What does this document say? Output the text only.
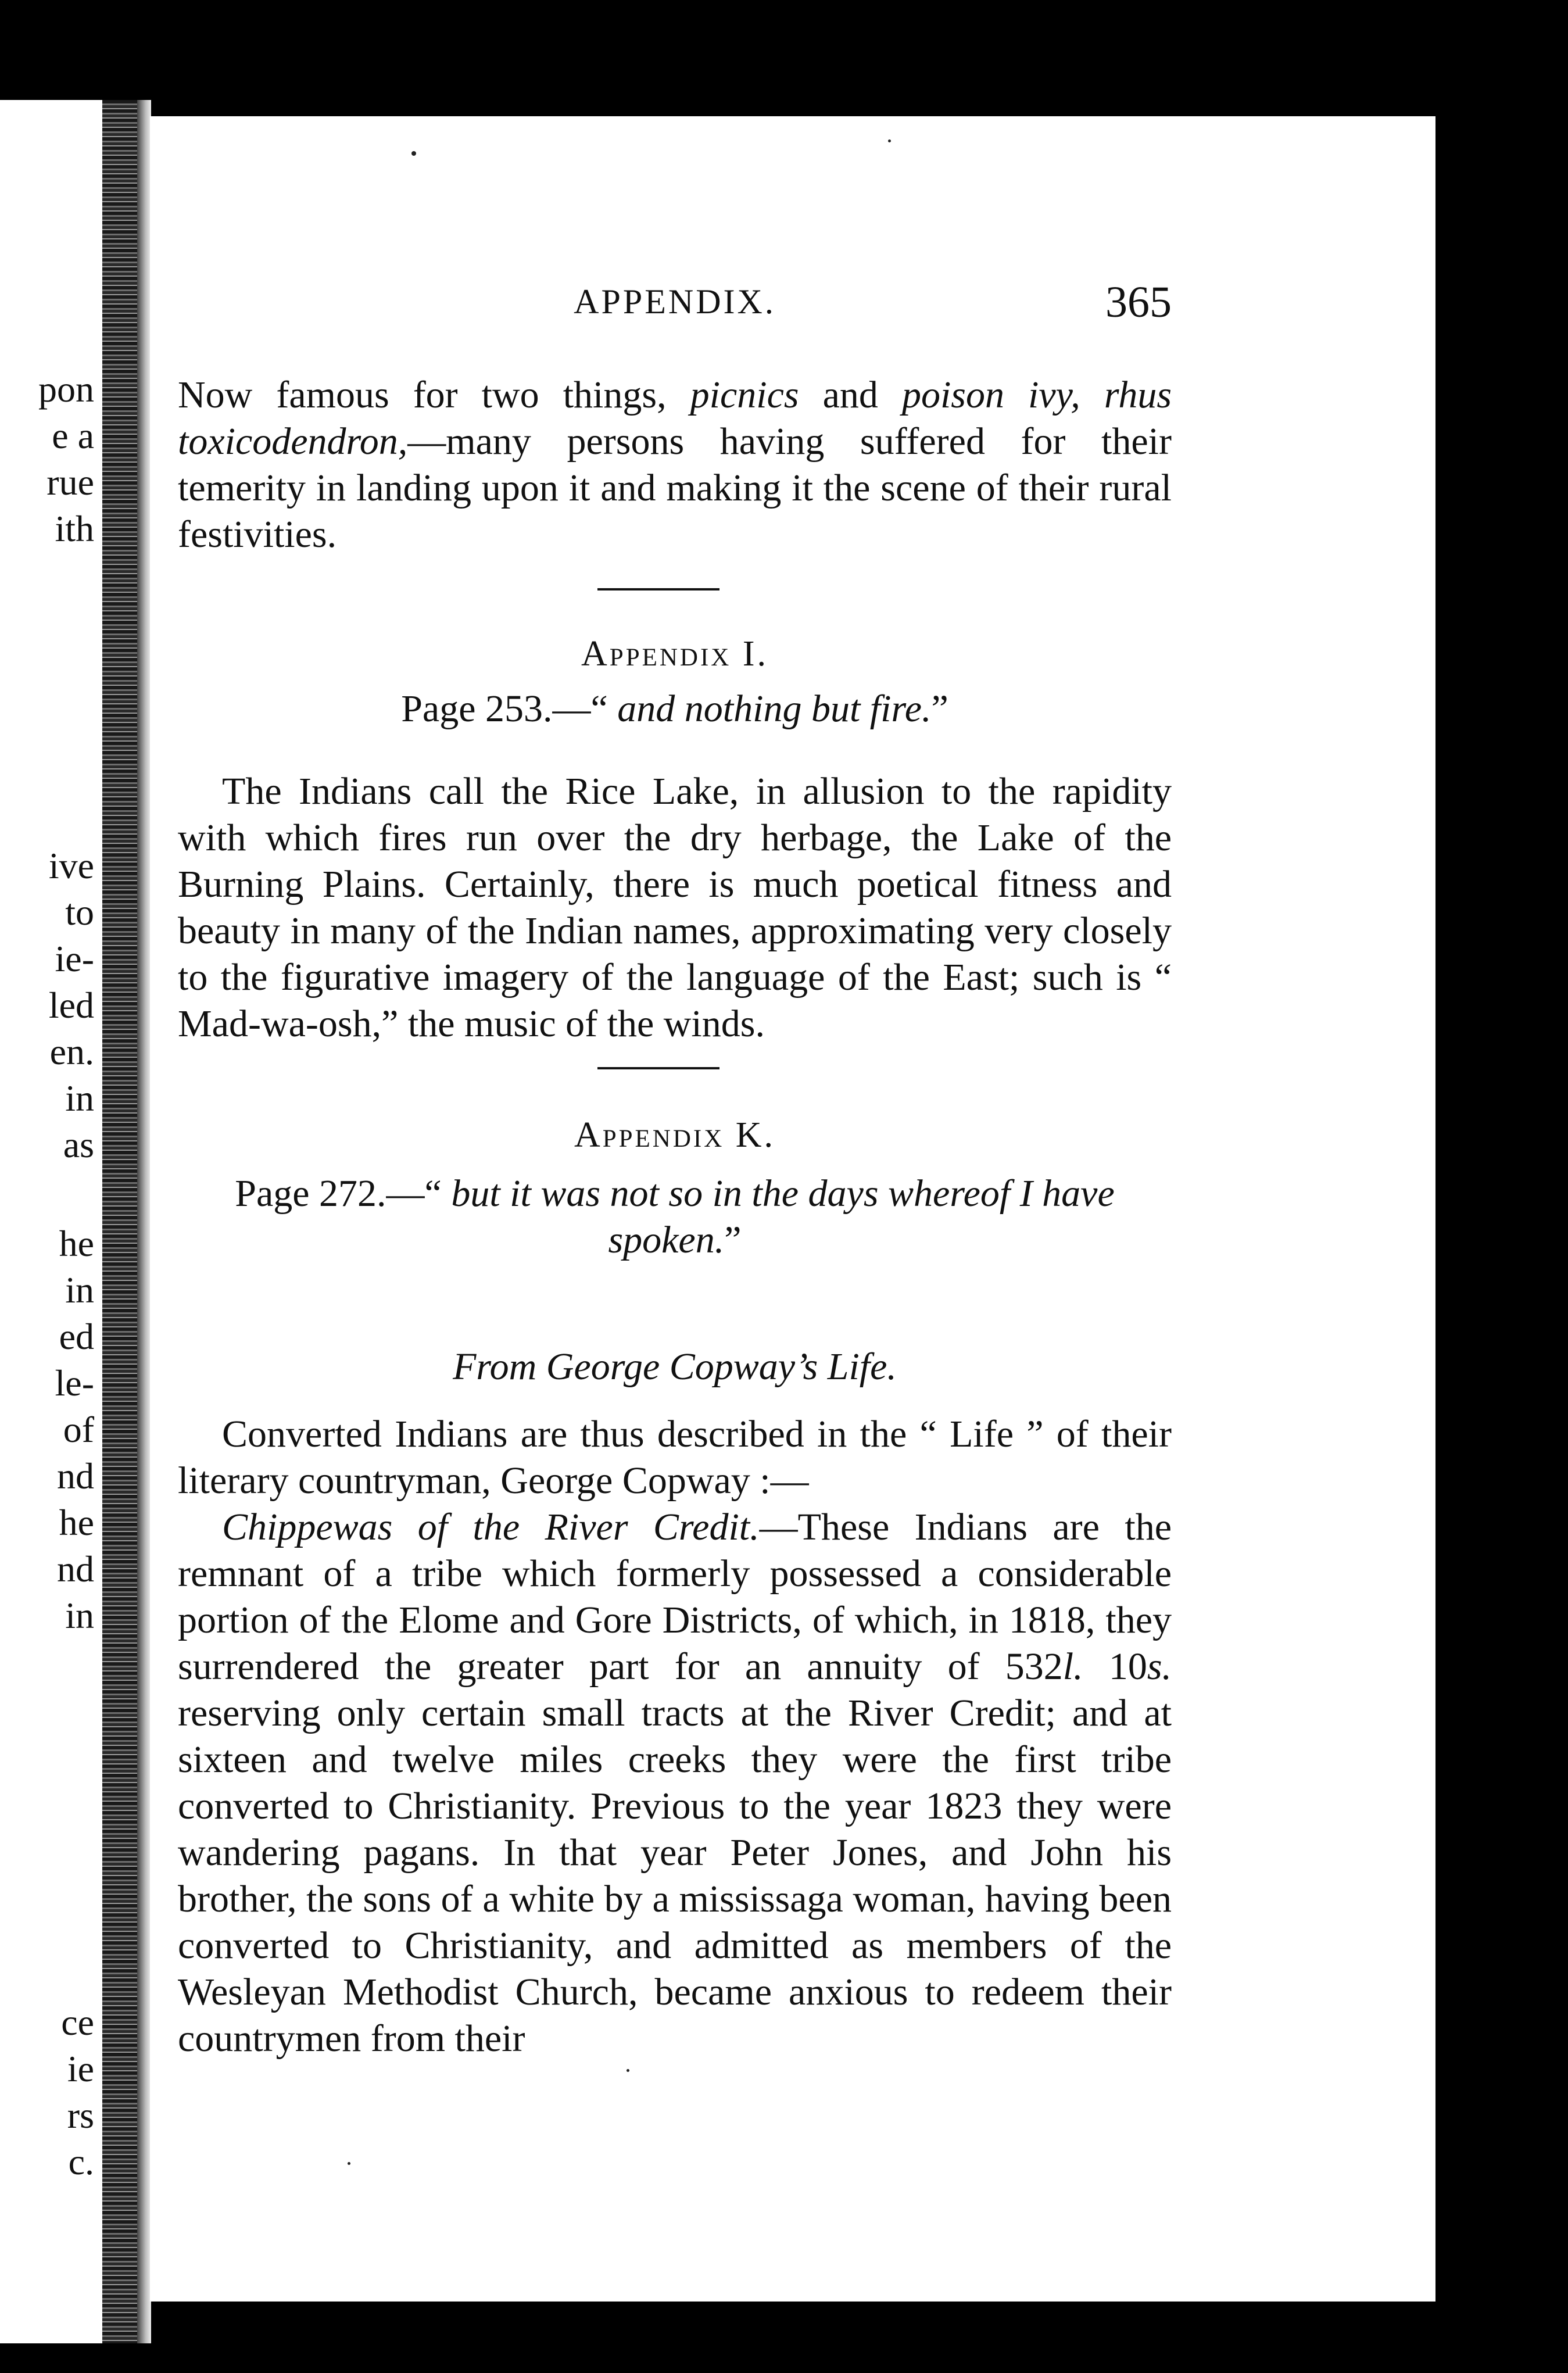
pon
e a
rue
ith
ive
to
ie-
led
en.
in
as
he
in
ed
le-
of
nd
he
nd
in
ce
ie
rs
c.
APPENDIX.	365

Now famous for two things, picnics and poison ivy, rhus toxicodendron,—many persons having suffered for their temerity in landing upon it and making it the scene of their rural festivities.

Appendix I.
Page 253.—“ and nothing but fire.”

The Indians call the Rice Lake, in allusion to the rapidity with which fires run over the dry herbage, the Lake of the Burning Plains. Certainly, there is much poetical fitness and beauty in many of the Indian names, approximating very closely to the figurative imagery of the language of the East; such is “ Mad-wa-osh,” the music of the winds.

Appendix K.
Page 272.—“ but it was not so in the days whereof I have spoken.”
From George Copway’s Life.

Converted Indians are thus described in the “ Life ” of their literary countryman, George Copway :—

Chippewas of the River Credit.—These Indians are the remnant of a tribe which formerly possessed a considerable portion of the Elome and Gore Districts, of which, in 1818, they surrendered the greater part for an annuity of 532l. 10s. reserving only certain small tracts at the River Credit; and at sixteen and twelve miles creeks they were the first tribe converted to Christianity. Previous to the year 1823 they were wandering pagans. In that year Peter Jones, and John his brother, the sons of a white by a mississaga woman, having been converted to Christianity, and admitted as members of the Wesleyan Methodist Church, became anxious to redeem their countrymen from their
